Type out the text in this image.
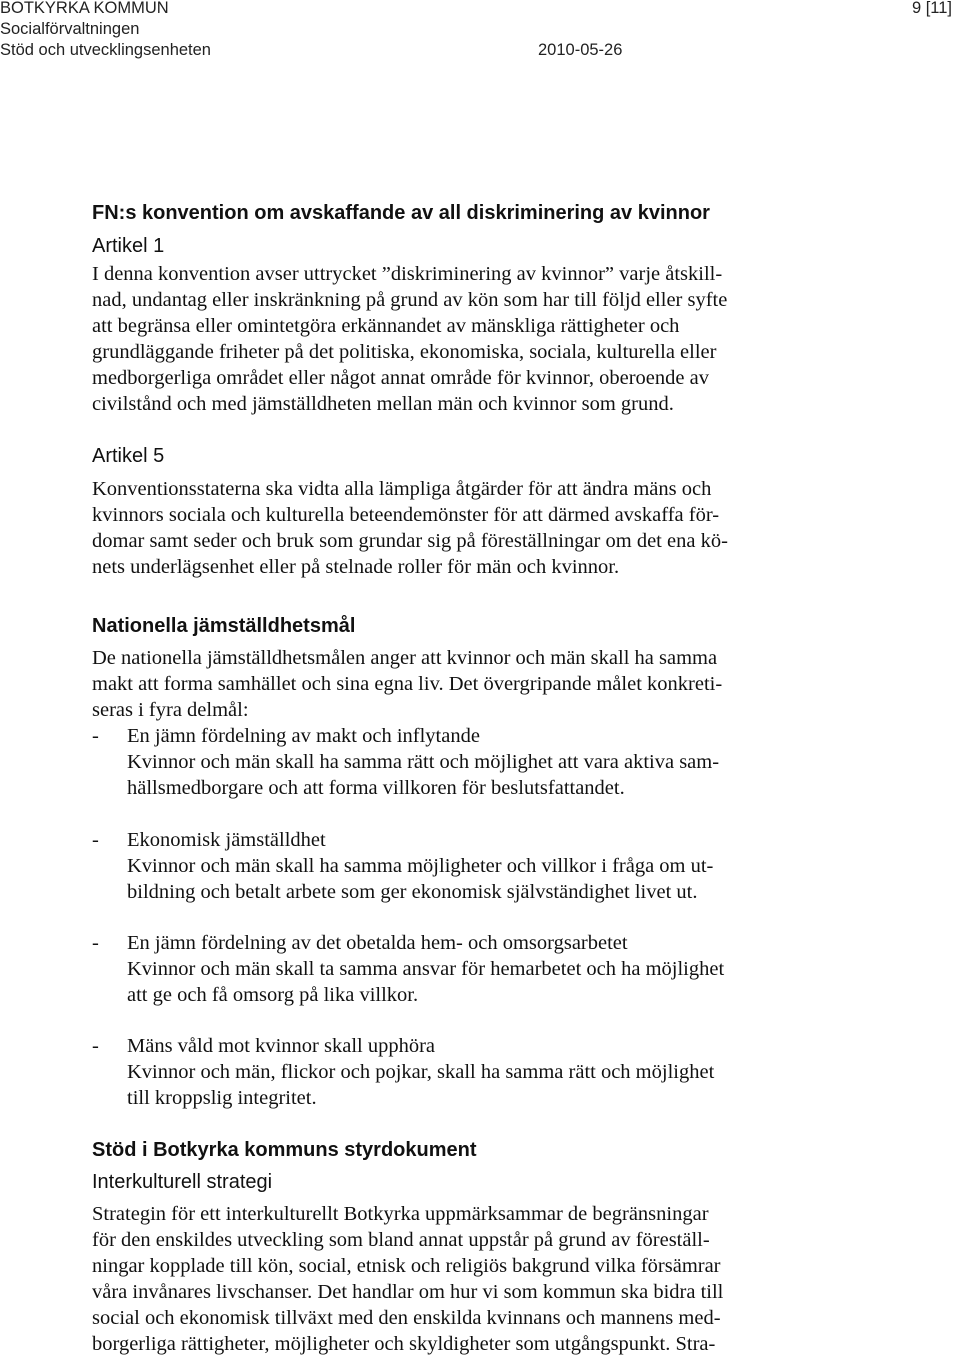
BOTKYRKA KOMMUN
Socialförvaltningen
Stöd och utvecklingsenheten	2010-05-26
9 [11]
FN:s konvention om avskaffande av all diskriminering av kvinnor
Artikel 1
I denna konvention avser uttrycket ”diskriminering av kvinnor” varje åtskill-
nad, undantag eller inskränkning på grund av kön som har till följd eller syfte
att begränsa eller omintetgöra erkännandet av mänskliga rättigheter och
grundläggande friheter på det politiska, ekonomiska, sociala, kulturella eller
medborgerliga området eller något annat område för kvinnor, oberoende av
civilstånd och med jämställdheten mellan män och kvinnor som grund.
Artikel 5
Konventionsstaterna ska vidta alla lämpliga åtgärder för att ändra mäns och
kvinnors sociala och kulturella beteendemönster för att därmed avskaffa för-
domar samt seder och bruk som grundar sig på föreställningar om det ena kö-
nets underlägsenhet eller på stelnade roller för män och kvinnor.
Nationella jämställdhetsmål
De nationella jämställdhetsmålen anger att kvinnor och män skall ha samma
makt att forma samhället och sina egna liv. Det övergripande målet konkreti-
seras i fyra delmål:
- En jämn fördelning av makt och inflytande
Kvinnor och män skall ha samma rätt och möjlighet att vara aktiva sam-
hällsmedborgare och att forma villkoren för beslutsfattandet.
- Ekonomisk jämställdhet
Kvinnor och män skall ha samma möjligheter och villkor i fråga om ut-
bildning och betalt arbete som ger ekonomisk självständighet livet ut.
- En jämn fördelning av det obetalda hem- och omsorgsarbetet
Kvinnor och män skall ta samma ansvar för hemarbetet och ha möjlighet
att ge och få omsorg på lika villkor.
- Mäns våld mot kvinnor skall upphöra
Kvinnor och män, flickor och pojkar, skall ha samma rätt och möjlighet
till kroppslig integritet.
Stöd i Botkyrka kommuns styrdokument
Interkulturell strategi
Strategin för ett interkulturellt Botkyrka uppmärksammar de begränsningar
för den enskildes utveckling som bland annat uppstår på grund av föreställ-
ningar kopplade till kön, social, etnisk och religiös bakgrund vilka försämrar
våra invånares livschanser. Det handlar om hur vi som kommun ska bidra till
social och ekonomisk tillväxt med den enskilda kvinnans och mannens med-
borgerliga rättigheter, möjligheter och skyldigheter som utgångspunkt. Stra-
